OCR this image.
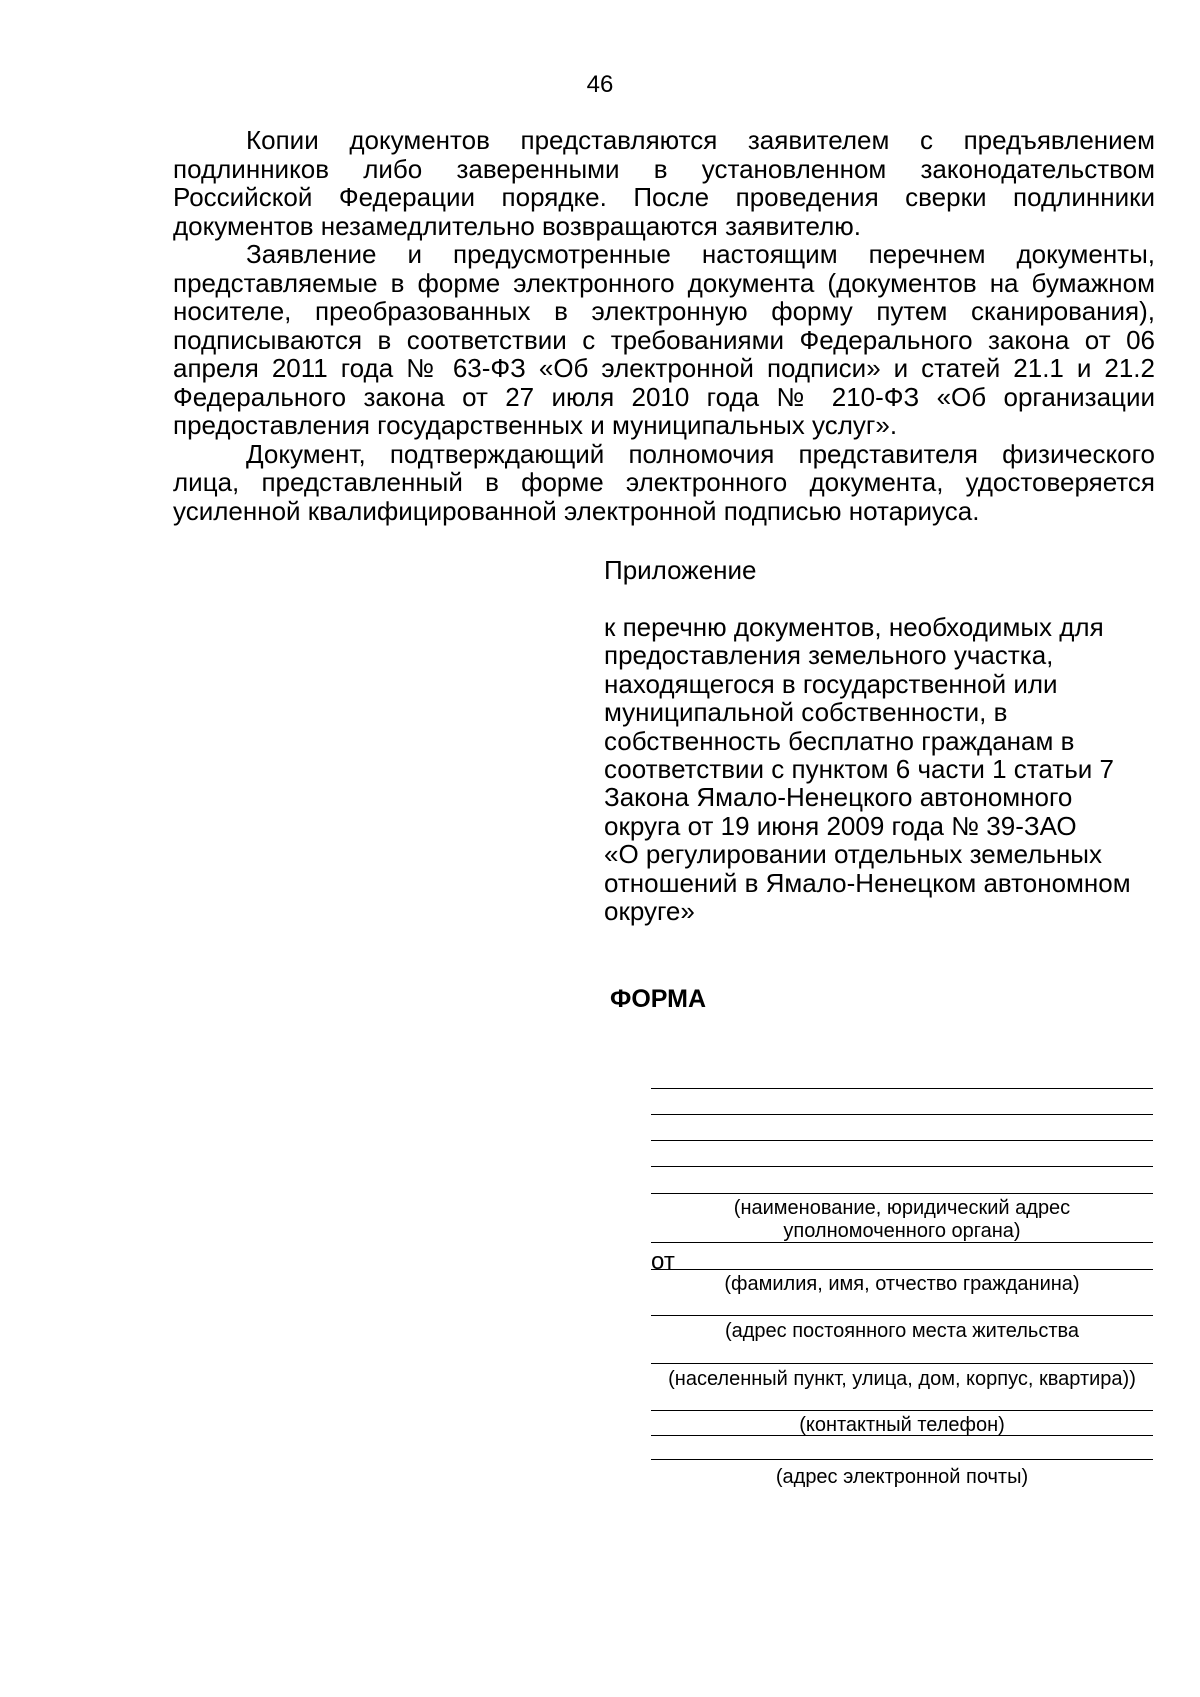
46

Копии документов представляются заявителем с предъявлением подлинников либо заверенными в установленном законодательством Российской Федерации порядке. После проведения сверки подлинники документов незамедлительно возвращаются заявителю.

Заявление и предусмотренные настоящим перечнем документы, представляемые в форме электронного документа (документов на бумажном носителе, преобразованных в электронную форму путем сканирования), подписываются в соответствии с требованиями Федерального закона от 06 апреля 2011 года № 63-ФЗ «Об электронной подписи» и статей 21.1 и 21.2 Федерального закона от 27 июля 2010 года № 210-ФЗ «Об организации предоставления государственных и муниципальных услуг».

Документ, подтверждающий полномочия представителя физического лица, представленный в форме электронного документа, удостоверяется усиленной квалифицированной электронной подписью нотариуса.

Приложение
к перечню документов, необходимых для
предоставления земельного участка,
находящегося в государственной или
муниципальной собственности, в
собственность бесплатно гражданам в
соответствии с пунктом 6 части 1 статьи 7
Закона Ямало-Ненецкого автономного
округа от 19 июня 2009 года № 39-ЗАО
«О регулировании отдельных земельных
отношений в Ямало-Ненецком автономном
округе»
ФОРМА
(наименование, юридический адрес
уполномоченного органа)
от
(фамилия, имя, отчество гражданина)
(адрес постоянного места жительства
(населенный пункт, улица, дом, корпус, квартира))
(контактный телефон)
(адрес электронной почты)
